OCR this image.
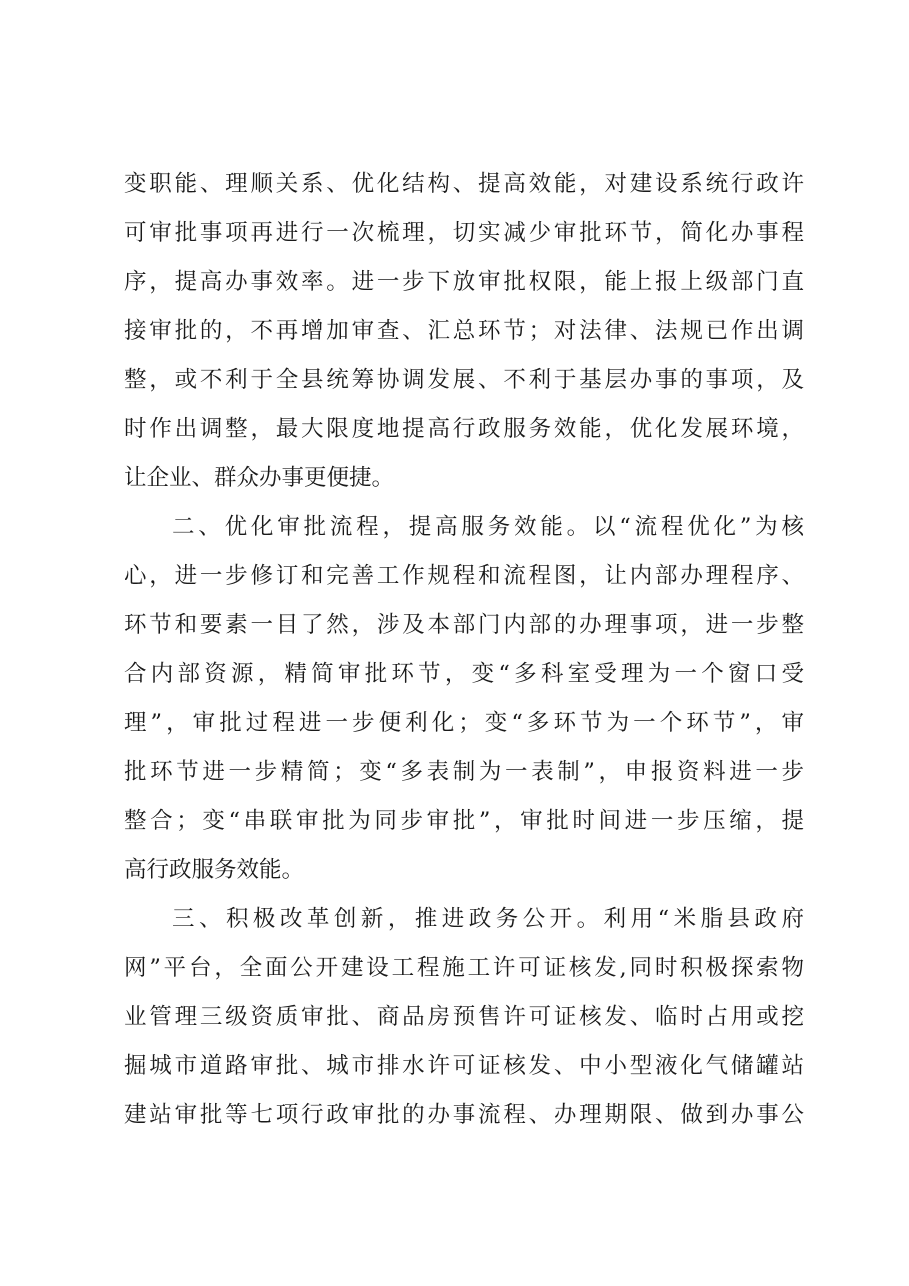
变职能、理顺关系、优化结构、提高效能，对建设系统行政许
可审批事项再进行一次梳理，切实减少审批环节，简化办事程
序，提高办事效率。进一步下放审批权限，能上报上级部门直
接审批的，不再增加审查、汇总环节；对法律、法规已作出调
整，或不利于全县统筹协调发展、不利于基层办事的事项，及
时作出调整，最大限度地提高行政服务效能，优化发展环境，
让企业、群众办事更便捷。
二、优化审批流程，提高服务效能。以“流程优化”为核
心，进一步修订和完善工作规程和流程图，让内部办理程序、
环节和要素一目了然，涉及本部门内部的办理事项，进一步整
合内部资源，精简审批环节，变“多科室受理为一个窗口受
理”，审批过程进一步便利化；变“多环节为一个环节”，审
批环节进一步精简；变“多表制为一表制”，申报资料进一步
整合；变“串联审批为同步审批”，审批时间进一步压缩，提
高行政服务效能。
三、积极改革创新，推进政务公开。利用“米脂县政府
网”平台，全面公开建设工程施工许可证核发,同时积极探索物
业管理三级资质审批、商品房预售许可证核发、临时占用或挖
掘城市道路审批、城市排水许可证核发、中小型液化气储罐站
建站审批等七项行政审批的办事流程、办理期限、做到办事公
